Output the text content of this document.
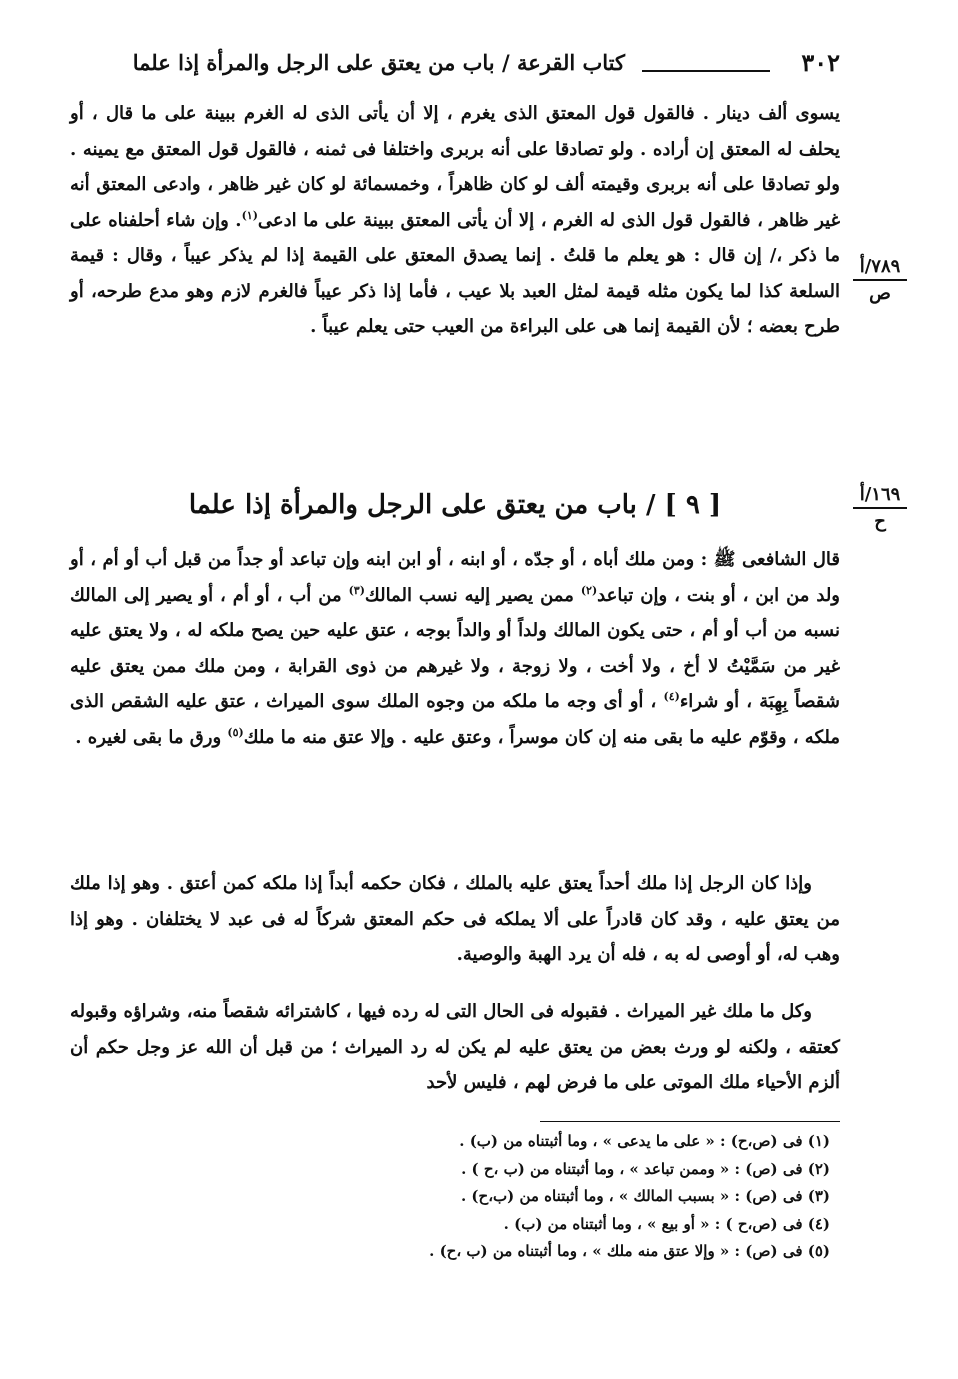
٣٠٢
كتاب القرعة / باب من يعتق على الرجل والمرأة إذا علما
٧٨٩/أ
ص
١٦٩/أ
ح

يسوى ألف دينار . فالقول قول المعتق الذى يغرم ، إلا أن يأتى الذى له الغرم ببينة على ما قال ، أو يحلف له المعتق إن أراده . ولو تصادقا على أنه بربرى واختلفا فى ثمنه ، فالقول قول المعتق مع يمينه . ولو تصادقا على أنه بربرى وقيمته ألف لو كان ظاهراً ، وخمسمائة لو كان غير ظاهر ، وادعى المعتق أنه غير ظاهر ، فالقول قول الذى له الغرم ، إلا أن يأتى المعتق ببينة على ما ادعى$^{(١)}$. وإن شاء أحلفناه على ما ذكر ،/ إن قال : هو يعلم ما قلتُ . إنما يصدق المعتق على القيمة إذا لم يذكر عيباً ، وقال : قيمة السلعة كذا لما يكون مثله قيمة لمثل العبد بلا عيب ، فأما إذا ذكر عيباً فالغرم لازم وهو مدع طرحه، أو طرح بعضه ؛ لأن القيمة إنما هى على البراءة من العيب حتى يعلم عيباً .

[ ٩ ] / باب من يعتق على الرجل والمرأة إذا علما

قال الشافعى ﷺ : ومن ملك أباه ، أو جدّه ، أو ابنه ، أو ابن ابنه وإن تباعد أو جداً من قبل أب أو أم ، أو ولد من ابن ، أو بنت ، وإن تباعد$^{(٢)}$ ممن يصير إليه نسب المالك$^{(٣)}$ من أب ، أو أم ، أو يصير إلى المالك نسبه من أب أو أم ، حتى يكون المالك ولداً أو والداً بوجه ، عتق عليه حين يصح ملكه له ، ولا يعتق عليه غير من سَمَّيْتُ لا أخ ، ولا أخت ، ولا زوجة ، ولا غيرهم من ذوى القرابة ، ومن ملك ممن يعتق عليه شقصاً بِهِبَة ، أو شراء$^{(٤)}$ ، أو أى وجه ما ملكه من وجوه الملك سوى الميراث ، عتق عليه الشقص الذى ملكه ، وقوّم عليه ما بقى منه إن كان موسراً ، وعتق عليه . وإلا عتق منه ما ملك$^{(٥)}$ ورق ما بقى لغيره .

وإذا كان الرجل إذا ملك أحداً يعتق عليه بالملك ، فكان حكمه أبداً إذا ملكه كمن أعتق . وهو إذا ملك من يعتق عليه ، وقد كان قادراً على ألا يملكه فى حكم المعتق شركاً له فى عبد لا يختلفان . وهو إذا وهب له، أو أوصى له به ، فله أن يرد الهبة والوصية.

وكل ما ملك غير الميراث . فقبوله فى الحال التى له رده فيها ، كاشترائه شقصاً منه، وشراؤه وقبوله كعتقه ، ولكنه لو ورث بعض من يعتق عليه لم يكن له رد الميراث ؛ من قبل أن الله عز وجل حكم أن ألزم الأحياء ملك الموتى على ما فرض لهم ، فليس لأحد

(١) فى (ص،ح) : « على ما يدعى » ، وما أثبتناه من (ب) .

(٢) فى (ص) : « وممن تباعد » ، وما أثبتناه من (ب ،ح ) .

(٣) فى (ص) : « بسبب المالك » ، وما أثبتناه من (ب،ح) .

(٤) فى (ص،ح ) : « أو بيع » ، وما أثبتناه من (ب) .

(٥) فى (ص) : « وإلا عتق منه ملك » ، وما أثبتناه من (ب ،ح) .
